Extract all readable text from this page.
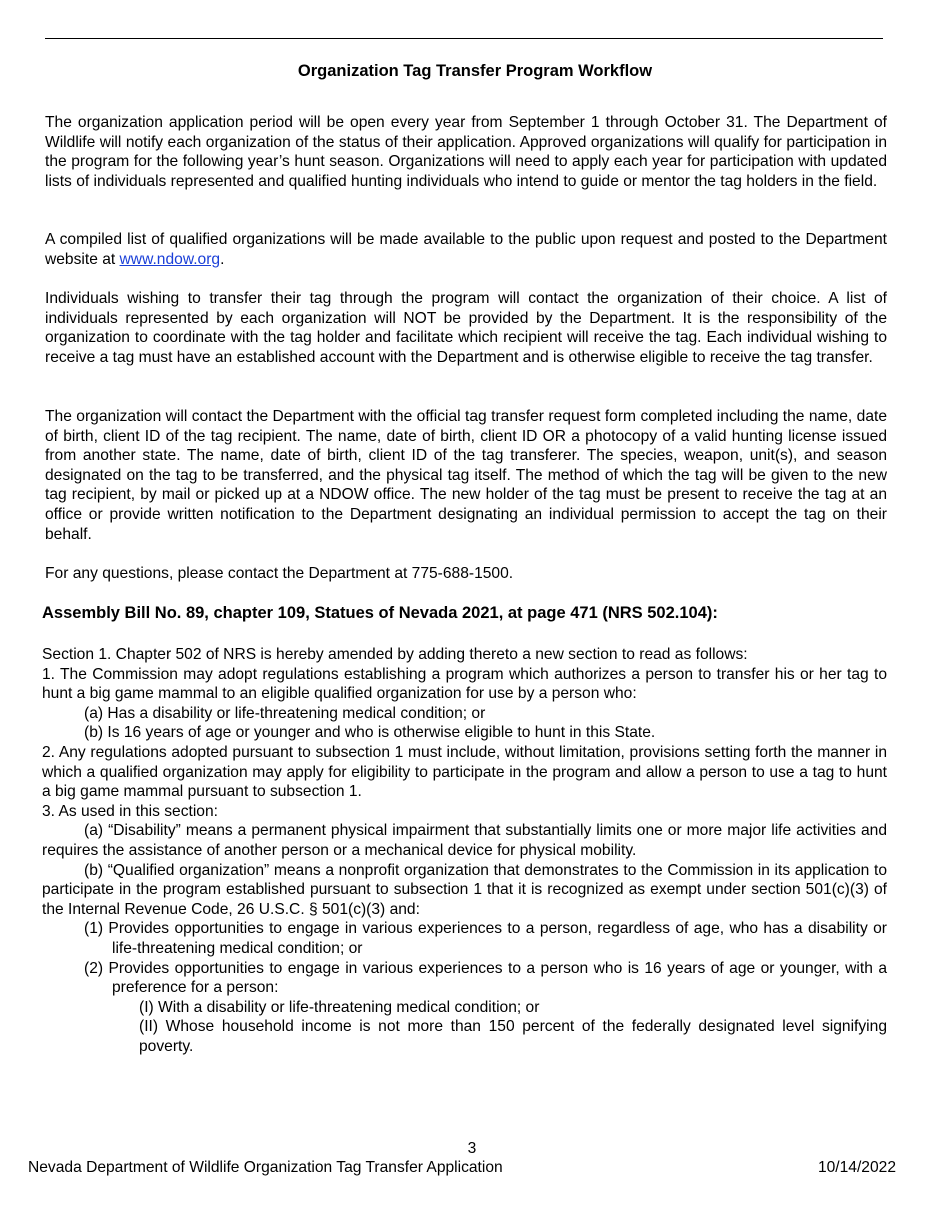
Organization Tag Transfer Program Workflow

The organization application period will be open every year from September 1 through October 31. The Department of Wildlife will notify each organization of the status of their application. Approved organizations will qualify for participation in the program for the following year’s hunt season. Organizations will need to apply each year for participation with updated lists of individuals represented and qualified hunting individuals who intend to guide or mentor the tag holders in the field.

A compiled list of qualified organizations will be made available to the public upon request and posted to the Department website at www.ndow.org.

Individuals wishing to transfer their tag through the program will contact the organization of their choice. A list of individuals represented by each organization will NOT be provided by the Department. It is the responsibility of the organization to coordinate with the tag holder and facilitate which recipient will receive the tag. Each individual wishing to receive a tag must have an established account with the Department and is otherwise eligible to receive the tag transfer.

The organization will contact the Department with the official tag transfer request form completed including the name, date of birth, client ID of the tag recipient. The name, date of birth, client ID OR a photocopy of a valid hunting license issued from another state. The name, date of birth, client ID of the tag transferer. The species, weapon, unit(s), and season designated on the tag to be transferred, and the physical tag itself. The method of which the tag will be given to the new tag recipient, by mail or picked up at a NDOW office. The new holder of the tag must be present to receive the tag at an office or provide written notification to the Department designating an individual permission to accept the tag on their behalf.

For any questions, please contact the Department at 775-688-1500.

Assembly Bill No. 89, chapter 109, Statues of Nevada 2021, at page 471 (NRS 502.104):
Section 1. Chapter 502 of NRS is hereby amended by adding thereto a new section to read as follows:
1. The Commission may adopt regulations establishing a program which authorizes a person to transfer his or her tag to hunt a big game mammal to an eligible qualified organization for use by a person who:
(a) Has a disability or life-threatening medical condition; or
(b) Is 16 years of age or younger and who is otherwise eligible to hunt in this State.
2. Any regulations adopted pursuant to subsection 1 must include, without limitation, provisions setting forth the manner in which a qualified organization may apply for eligibility to participate in the program and allow a person to use a tag to hunt a big game mammal pursuant to subsection 1.
3. As used in this section:
(a) “Disability” means a permanent physical impairment that substantially limits one or more major life activities and requires the assistance of another person or a mechanical device for physical mobility.
(b) “Qualified organization” means a nonprofit organization that demonstrates to the Commission in its application to participate in the program established pursuant to subsection 1 that it is recognized as exempt under section 501(c)(3) of the Internal Revenue Code, 26 U.S.C. § 501(c)(3) and:
(1) Provides opportunities to engage in various experiences to a person, regardless of age, who has a disability or life-threatening medical condition; or
(2) Provides opportunities to engage in various experiences to a person who is 16 years of age or younger, with a preference for a person:
(I) With a disability or life-threatening medical condition; or
(II) Whose household income is not more than 150 percent of the federally designated level signifying poverty.
3
Nevada Department of Wildlife Organization Tag Transfer Application	10/14/2022
